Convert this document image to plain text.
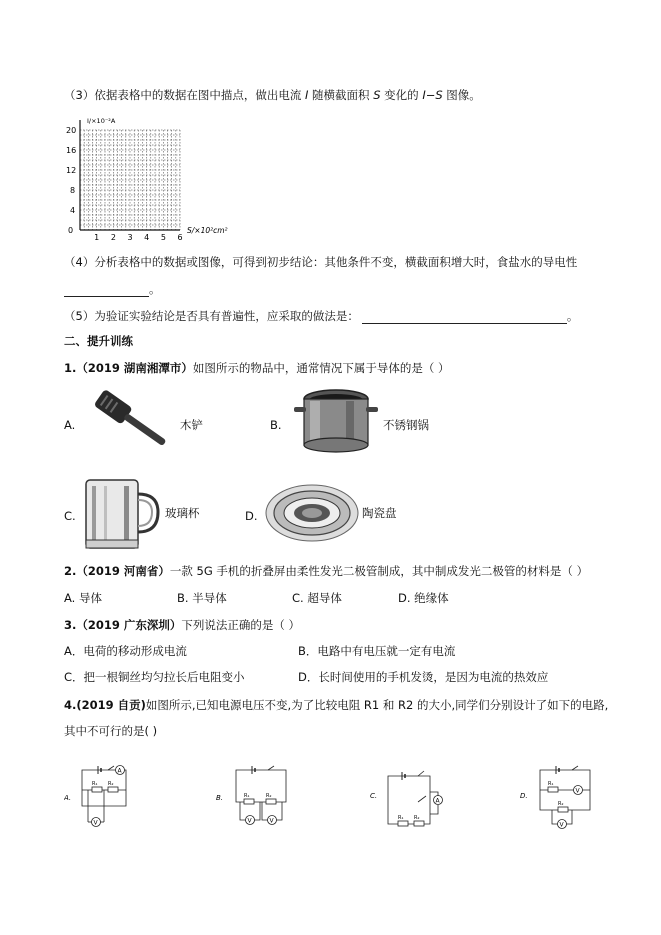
（3）依据表格中的数据在图中描点，做出电流 I 随横截面积 S 变化的 I−S 图像。
I/×10⁻²A
20
16
12
8
4
0
1 2 3 4 5 6
S/×10²cm²
（4）分析表格中的数据或图像，可得到初步结论：其他条件不变，横截面积增大时，食盐水的导电性
。
（5）为验证实验结论是否具有普遍性，应采取的做法是：	。
二、提升训练
1.（2019 湖南湘潭市）如图所示的物品中，通常情况下属于导体的是（ ）
A.	木铲	B.	不锈钢锅
C.	玻璃杯	D.	陶瓷盘
2.（2019 河南省）一款 5G 手机的折叠屏由柔性发光二极管制成，其中制成发光二极管的材料是（ ）
A. 导体	B. 半导体	C. 超导体	D. 绝缘体
3.（2019 广东深圳）下列说法正确的是（ ）
A．电荷的移动形成电流	B．电路中有电压就一定有电流
C．把一根铜丝均匀拉长后电阻变小	D．长时间使用的手机发烫，是因为电流的热效应
4.(2019 自贡)如图所示,已知电源电压不变,为了比较电阻 R1 和 R2 的大小,同学们分别设计了如下的电路,
其中不可行的是( )
A.
A
R₁ R₂
V
B.	R₁	R₂
V	V
C.
A
R₁ R₂
D.
V
R₁
R₂
V
